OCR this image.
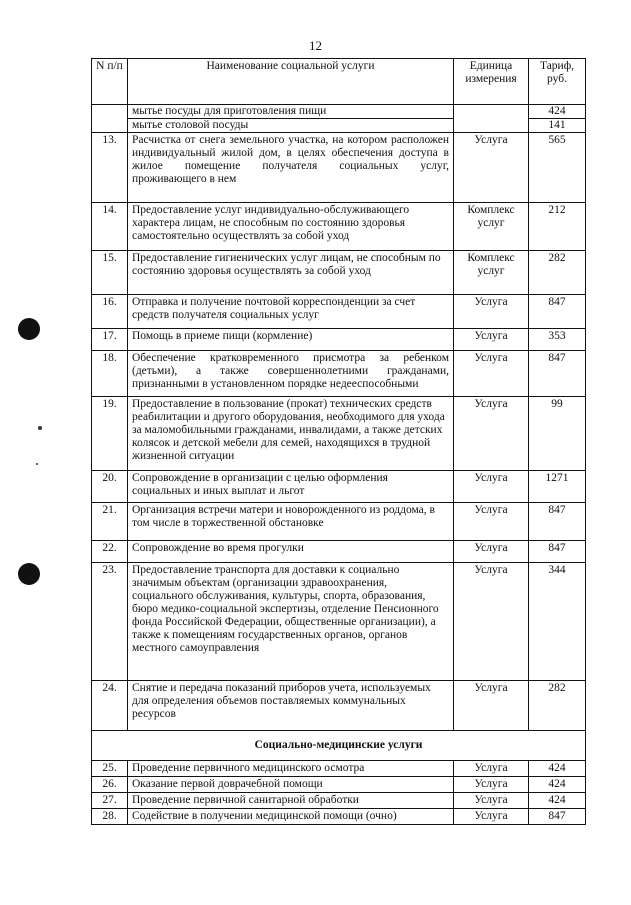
12
N п/п	Наименование социальной услуги	Единица измерения	Тариф, руб.
	мытье посуды для приготовления пищи		424
	мытье столовой посуды		141
13.	Расчистка от снега земельного участка, на котором расположен индивидуальный жилой дом, в целях обеспечения доступа в жилое помещение получателя социальных услуг, проживающего в нем	Услуга	565
14.	Предоставление услуг индивидуально-обслуживающего характера лицам, не способным по состоянию здоровья самостоятельно осуществлять за собой уход	Комплекс услуг	212
15.	Предоставление гигиенических услуг лицам, не способным по состоянию здоровья осуществлять за собой уход	Комплекс услуг	282
16.	Отправка и получение почтовой корреспонденции за счет средств получателя социальных услуг	Услуга	847
17.	Помощь в приеме пищи (кормление)	Услуга	353
18.	Обеспечение кратковременного присмотра за ребенком (детьми), а также совершеннолетними гражданами, признанными в установленном порядке недееспособными	Услуга	847
19.	Предоставление в пользование (прокат) технических средств реабилитации и другого оборудования, необходимого для ухода за маломобильными гражданами, инвалидами, а также детских колясок и детской мебели для семей, находящихся в трудной жизненной ситуации	Услуга	99
20.	Сопровождение в организации с целью оформления социальных и иных выплат и льгот	Услуга	1271
21.	Организация встречи матери и новорожденного из роддома, в том числе в торжественной обстановке	Услуга	847
22.	Сопровождение во время прогулки	Услуга	847
23.	Предоставление транспорта для доставки к социально значимым объектам (организации здравоохранения, социального обслуживания, культуры, спорта, образования, бюро медико-социальной экспертизы, отделение Пенсионного фонда Российской Федерации, общественные организации), а также к помещениям государственных органов, органов местного самоуправления	Услуга	344
24.	Снятие и передача показаний приборов учета, используемых для определения объемов поставляемых коммунальных ресурсов	Услуга	282
Социально-медицинские услуги			
25.	Проведение первичного медицинского осмотра	Услуга	424
26.	Оказание первой доврачебной помощи	Услуга	424
27.	Проведение первичной санитарной обработки	Услуга	424
28.	Содействие в получении медицинской помощи (очно)	Услуга	847
